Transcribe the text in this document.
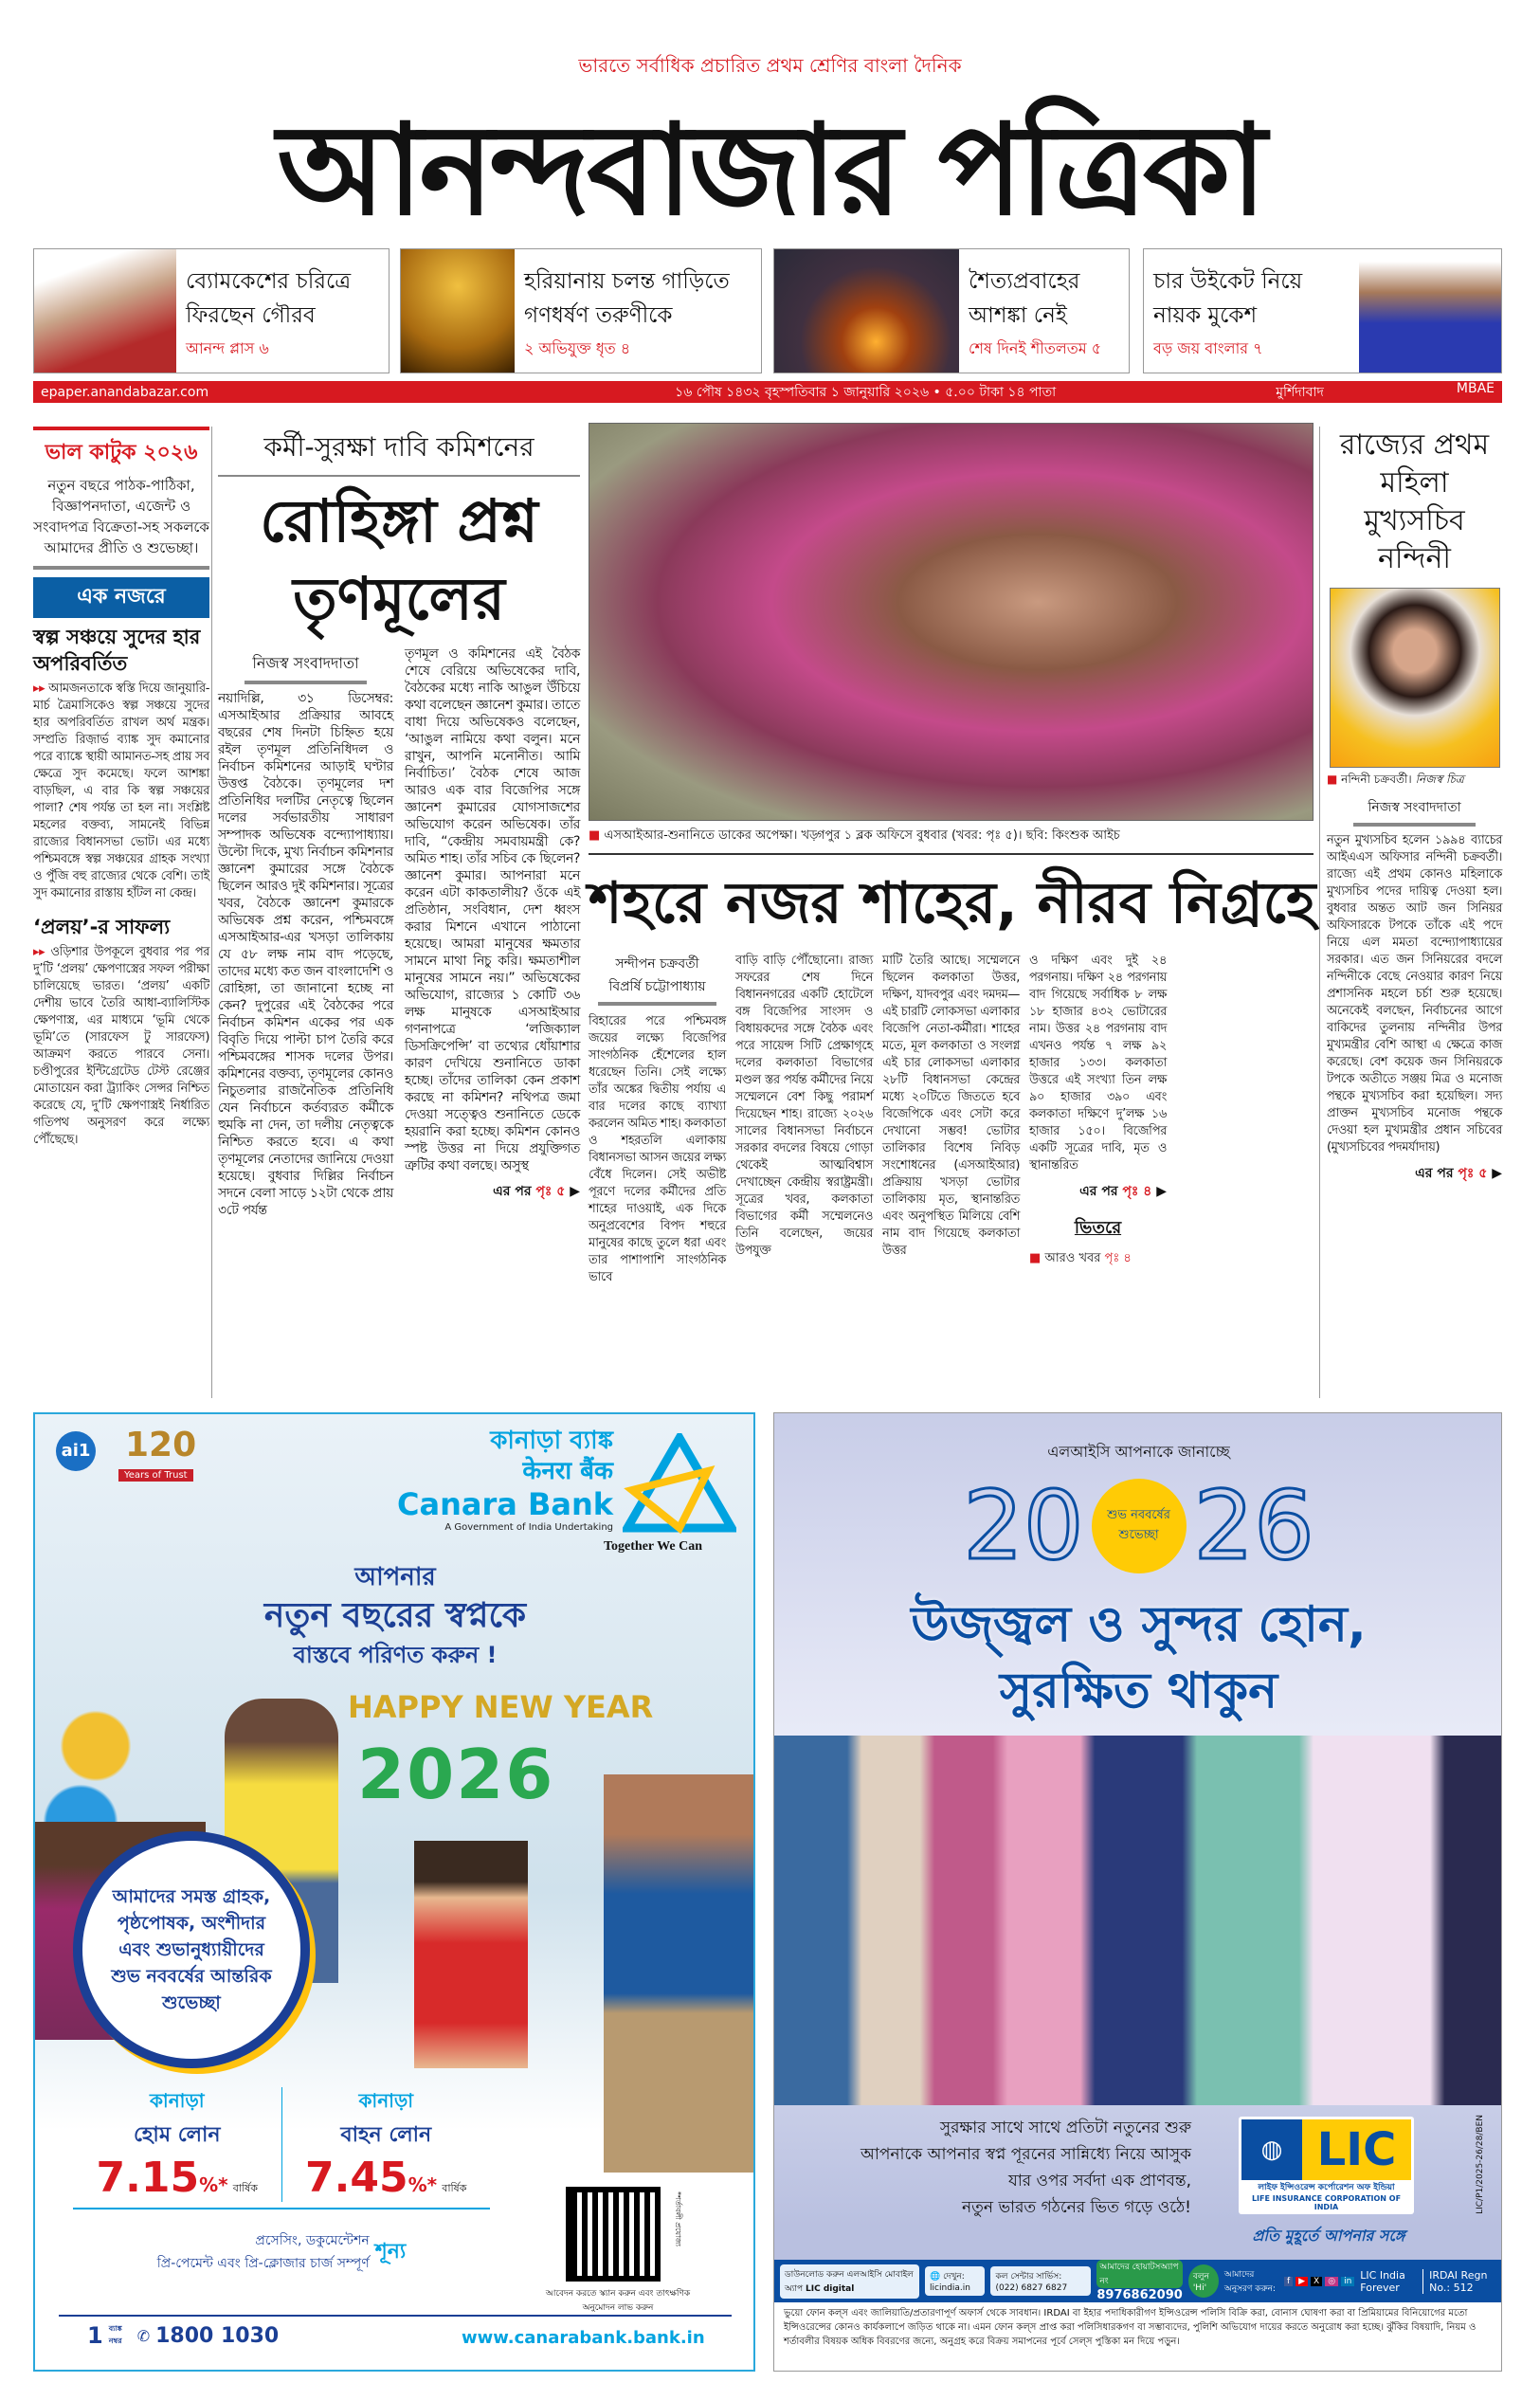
ভারতে সর্বাধিক প্রচারিত প্রথম শ্রেণির বাংলা দৈনিক
আনন্দবাজার পত্রিকা
ব্যোমকেশের চরিত্রে ফিরছেন গৌরব
আনন্দ প্লাস ৬
হরিয়ানায় চলন্ত গাড়িতে গণধর্ষণ তরুণীকে
২ অভিযুক্ত ধৃত ৪
শৈত্যপ্রবাহের আশঙ্কা নেই
শেষ দিনই শীতলতম ৫
চার উইকেট নিয়ে নায়ক মুকেশ
বড় জয় বাংলার ৭
epaper.anandabazar.com	১৬ পৌষ ১৪৩২ বৃহস্পতিবার ১ জানুয়ারি ২০২৬ • ৫.০০ টাকা ১৪ পাতা	মুর্শিদাবাদ	MBAE
ভাল কাটুক ২০২৬
নতুন বছরে পাঠক-পাঠিকা, বিজ্ঞাপনদাতা, এজেন্ট ও সংবাদপত্র বিক্রেতা-সহ সকলকে আমাদের প্রীতি ও শুভেচ্ছা।
এক নজরে
স্বল্প সঞ্চয়ে সুদের হার অপরিবর্তিত
▸▸ আমজনতাকে স্বস্তি দিয়ে জানুয়ারি-মার্চ ত্রৈমাসিকেও স্বল্প সঞ্চয়ে সুদের হার অপরিবর্তিত রাখল অর্থ মন্ত্রক। সম্প্রতি রিজ়ার্ভ ব্যাঙ্ক সুদ কমানোর পরে ব্যাঙ্কে স্থায়ী আমানত-সহ প্রায় সব ক্ষেত্রে সুদ কমেছে। ফলে আশঙ্কা বাড়ছিল, এ বার কি স্বল্প সঞ্চয়ের পালা? শেষ পর্যন্ত তা হল না। সংশ্লিষ্ট মহলের বক্তব্য, সামনেই বিভিন্ন রাজ্যের বিধানসভা ভোট। এর মধ্যে পশ্চিমবঙ্গে স্বল্প সঞ্চয়ের গ্রাহক সংখ্যা ও পুঁজি বহু রাজ্যের থেকে বেশি। তাই সুদ কমানোর রাস্তায় হাঁটল না কেন্দ্র।
‘প্রলয়’-র সাফল্য
▸▸ ওড়িশার উপকূলে বুধবার পর পর দু’টি ‘প্রলয়’ ক্ষেপণাস্ত্রের সফল পরীক্ষা চালিয়েছে ভারত। ‘প্রলয়’ একটি দেশীয় ভাবে তৈরি আধা-ব্যালিস্টিক ক্ষেপণাস্ত্র, এর মাধ্যমে ‘ভূমি থেকে ভূমি’তে (সারফেস টু সারফেস) আক্রমণ করতে পারবে সেনা। চণ্ডীপুরের ইন্টিগ্রেটেড টেস্ট রেঞ্জের মোতায়েন করা ট্র্যাকিং সেন্সর নিশ্চিত করেছে যে, দু’টি ক্ষেপণাস্ত্রই নির্ধারিত গতিপথ অনুসরণ করে লক্ষ্যে পৌঁছেছে।
কর্মী-সুরক্ষা দাবি কমিশনের
রোহিঙ্গা প্রশ্ন তৃণমূলের
নিজস্ব সংবাদদাতা
নয়াদিল্লি, ৩১ ডিসেম্বর: এসআইআর প্রক্রিয়ার আবহে বছরের শেষ দিনটা চিহ্নিত হয়ে রইল তৃণমূল প্রতিনিধিদল ও নির্বাচন কমিশনের আড়াই ঘণ্টার উত্তপ্ত বৈঠকে। তৃণমূলের দশ প্রতিনিধির দলটির নেতৃত্বে ছিলেন দলের সর্বভারতীয় সাধারণ সম্পাদক অভিষেক বন্দ্যোপাধ্যায়। উল্টো দিকে, মুখ্য নির্বাচন কমিশনার জ্ঞানেশ কুমারের সঙ্গে বৈঠকে ছিলেন আরও দুই কমিশনার। সূত্রের খবর, বৈঠকে জ্ঞানেশ কুমারকে অভিষেক প্রশ্ন করেন, পশ্চিমবঙ্গে এসআইআর-এর খসড়া তালিকায় যে ৫৮ লক্ষ নাম বাদ পড়েছে, তাদের মধ্যে কত জন বাংলাদেশি ও রোহিঙ্গা, তা জানানো হচ্ছে না কেন? দুপুরের এই বৈঠকের পরে নির্বাচন কমিশন একের পর এক বিবৃতি দিয়ে পাল্টা চাপ তৈরি করে পশ্চিমবঙ্গের শাসক দলের উপর। কমিশনের বক্তব্য, তৃণমূলের কোনও নিচুতলার রাজনৈতিক প্রতিনিধি যেন নির্বাচনে কর্তব্যরত কর্মীকে হুমকি না দেন, তা দলীয় নেতৃত্বকে নিশ্চিত করতে হবে। এ কথা তৃণমূলের নেতাদের জানিয়ে দেওয়া হয়েছে। বুধবার দিল্লির নির্বাচন সদনে বেলা সাড়ে ১২টা থেকে প্রায় ৩টে পর্যন্ত
তৃণমূল ও কমিশনের এই বৈঠক শেষে বেরিয়ে অভিষেকের দাবি, বৈঠকের মধ্যে নাকি আঙুল উঁচিয়ে কথা বলেছেন জ্ঞানেশ কুমার। তাতে বাধা দিয়ে অভিষেকও বলেছেন, ‘আঙুল নামিয়ে কথা বলুন। মনে রাখুন, আপনি মনোনীত। আমি নির্বাচিত।’ বৈঠক শেষে আজ আরও এক বার বিজেপির সঙ্গে জ্ঞানেশ কুমারের যোগসাজশের অভিযোগ করেন অভিষেক। তাঁর দাবি, “কেন্দ্রীয় সমবায়মন্ত্রী কে? অমিত শাহ। তাঁর সচিব কে ছিলেন? জ্ঞানেশ কুমার। আপনারা মনে করেন এটা কাকতালীয়? ওঁকে এই প্রতিষ্ঠান, সংবিধান, দেশ ধ্বংস করার মিশনে এখানে পাঠানো হয়েছে। আমরা মানুষের ক্ষমতার সামনে মাথা নিচু করি। ক্ষমতাশীল মানুষের সামনে নয়।” অভিষেকের অভিযোগ, রাজ্যের ১ কোটি ৩৬ লক্ষ মানুষকে এসআইআর গণনাপত্রে ‘লজিক্যাল ডিসক্রিপেন্সি’ বা তথ্যের ধোঁয়াশার কারণ দেখিয়ে শুনানিতে ডাকা হচ্ছে। তাঁদের তালিকা কেন প্রকাশ করছে না কমিশন? নথিপত্র জমা দেওয়া সত্ত্বেও শুনানিতে ডেকে হয়রানি করা হচ্ছে। কমিশন কোনও স্পষ্ট উত্তর না দিয়ে প্রযুক্তিগত ত্রুটির কথা বলছে। অসুস্থ
এর পর পৃঃ ৫ ▶
■ এসআইআর-শুনানিতে ডাকের অপেক্ষা। খড়্গপুর ১ ব্লক অফিসে বুধবার (খবর: পৃঃ ৫)। ছবি: কিংশুক আইচ
শহরে নজর শাহের, নীরব নিগ্রহে
সন্দীপন চক্রবর্তী
বিপ্রর্ষি চট্টোপাধ্যায়
বিহারের পরে পশ্চিমবঙ্গ জয়ের লক্ষ্যে বিজেপির সাংগঠনিক হেঁশেলের হাল ধরেছেন তিনি। সেই লক্ষ্যে তাঁর অঙ্কের দ্বিতীয় পর্যায় এ বার দলের কাছে ব্যাখ্যা করলেন অমিত শাহ। কলকাতা ও শহরতলি এলাকায় বিধানসভা আসন জয়ের লক্ষ্য বেঁধে দিলেন। সেই অভীষ্ট পূরণে দলের কর্মীদের প্রতি শাহের দাওয়াই, এক দিকে অনুপ্রবেশের বিপদ শহুরে মানুষের কাছে তুলে ধরা এবং তার পাশাপাশি সাংগঠনিক ভাবে
বাড়ি বাড়ি পৌঁছোনো। রাজ্য সফরের শেষ দিনে বিধাননগরের একটি হোটেলে বঙ্গ বিজেপির সাংসদ ও বিধায়কদের সঙ্গে বৈঠক এবং পরে সায়েন্স সিটি প্রেক্ষাগৃহে দলের কলকাতা বিভাগের মণ্ডল স্তর পর্যন্ত কর্মীদের নিয়ে সম্মেলনে বেশ কিছু পরামর্শ দিয়েছেন শাহ। রাজ্যে ২০২৬ সালের বিধানসভা নির্বাচনে সরকার বদলের বিষয়ে গোড়া থেকেই আত্মবিশ্বাস দেখাচ্ছেন কেন্দ্রীয় স্বরাষ্ট্রমন্ত্রী। সূত্রের খবর, কলকাতা বিভাগের কর্মী সম্মেলনেও তিনি বলেছেন, জয়ের উপযুক্ত
মাটি তৈরি আছে। সম্মেলনে ছিলেন কলকাতা উত্তর, দক্ষিণ, যাদবপুর এবং দমদম— এই চারটি লোকসভা এলাকার বিজেপি নেতা-কর্মীরা। শাহের মতে, মূল কলকাতা ও সংলগ্ন এই চার লোকসভা এলাকার ২৮টি বিধানসভা কেন্দ্রের মধ্যে ২০টিতে জিততে হবে বিজেপিকে এবং সেটা করে দেখানো সম্ভব! ভোটার তালিকার বিশেষ নিবিড় সংশোধনের (এসআইআর) প্রক্রিয়ায় খসড়া ভোটার তালিকায় মৃত, স্থানান্তরিত এবং অনুপস্থিত মিলিয়ে বেশি নাম বাদ গিয়েছে কলকাতা উত্তর
ও দক্ষিণ এবং দুই ২৪ পরগনায়। দক্ষিণ ২৪ পরগনায় বাদ গিয়েছে সর্বাধিক ৮ লক্ষ ১৮ হাজার ৪৩২ ভোটারের নাম। উত্তর ২৪ পরগনায় বাদ এখনও পর্যন্ত ৭ লক্ষ ৯২ হাজার ১৩৩। কলকাতা উত্তরে এই সংখ্যা তিন লক্ষ ৯০ হাজার ৩৯০ এবং কলকাতা দক্ষিণে দু’লক্ষ ১৬ হাজার ১৫০। বিজেপির একটি সূত্রের দাবি, মৃত ও স্থানান্তরিত
এর পর পৃঃ ৪ ▶
ভিতরে
■ আরও খবর পৃঃ ৪
রাজ্যের প্রথম মহিলা মুখ্যসচিব নন্দিনী
■ নন্দিনী চক্রবর্তী। নিজস্ব চিত্র
নিজস্ব সংবাদদাতা
নতুন মুখ্যসচিব হলেন ১৯৯৪ ব্যাচের আইএএস অফিসার নন্দিনী চক্রবর্তী। রাজ্যে এই প্রথম কোনও মহিলাকে মুখ্যসচিব পদের দায়িত্ব দেওয়া হল। বুধবার অন্তত আট জন সিনিয়র অফিসারকে টপকে তাঁকে এই পদে নিয়ে এল মমতা বন্দ্যোপাধ্যায়ের সরকার। এত জন সিনিয়রের বদলে নন্দিনীকে বেছে নেওয়ার কারণ নিয়ে প্রশাসনিক মহলে চর্চা শুরু হয়েছে। অনেকেই বলছেন, নির্বাচনের আগে বাকিদের তুলনায় নন্দিনীর উপর মুখ্যমন্ত্রীর বেশি আস্থা এ ক্ষেত্রে কাজ করেছে। বেশ কয়েক জন সিনিয়রকে টপকে অতীতে সঞ্জয় মিত্র ও মনোজ পন্থকে মুখ্যসচিব করা হয়েছিল। সদ্য প্রাক্তন মুখ্যসচিব মনোজ পন্থকে দেওয়া হল মুখ্যমন্ত্রীর প্রধান সচিবের (মুখ্যসচিবের পদমর্যাদায়)
এর পর পৃঃ ৫ ▶
ai1 120
Years of Trust
কানাড়া ব্যাঙ্ক
केनरा बैंक
Canara Bank
A Government of India Undertaking
Together We Can
আপনার
নতুন বছরের স্বপ্নকে
বাস্তবে পরিণত করুন !
HAPPY NEW YEAR
2026
আমাদের সমস্ত গ্রাহক, পৃষ্ঠপোষক, অংশীদার এবং শুভানুধ্যায়ীদের শুভ নববর্ষের আন্তরিক শুভেচ্ছা
কানাড়া
হোম লোন
7.15%* বার্ষিক
কানাড়া
বাহন লোন
7.45%* বার্ষিক
প্রসেসিং, ডকুমেন্টেশন
প্রি-পেমেন্ট এবং প্রি-ক্লোজার চার্জ সম্পূর্ণ
শূন্য
*শর্তাবলী প্রযোজ্য
আবেদন করতে স্ক্যান করুন এবং তাৎক্ষণিক অনুমোদন লাভ করুন
1 ব্যাঙ্ক নম্বর	✆ 1800 1030	www.canarabank.bank.in
এলআইসি আপনাকে জানাচ্ছে
20	শুভ নববর্ষের শুভেচ্ছা 26
উজ্জ্বল ও সুন্দর হোন,
সুরক্ষিত থাকুন
সুরক্ষার সাথে সাথে প্রতিটা নতুনের শুরু
আপনাকে আপনার স্বপ্ন পূরনের সান্নিধ্যে নিয়ে আসুক
যার ওপর সর্বদা এক প্রাণবন্ত,
নতুন ভারত গঠনের ভিত গড়ে ওঠে!
◍ LIC
লাইফ ইন্সিওরেন্স কর্পোরেশন অফ ইন্ডিয়া
LIFE INSURANCE CORPORATION OF INDIA
প্রতি মুহূর্তে আপনার সঙ্গে
LIC/P1/2025-26/28/BEN
ডাউনলোড করুন এলআইসি মোবাইল অ্যাপ LIC digital
🌐 দেখুন: licindia.in
কল সেন্টার সার্ভিস: (022) 6827 6827
আমাদের হোয়াটসঅ্যাপ নং
8976862090
বলুন 'Hi'
আমাদের অনুসরণ করুন:
f	▶	X	◎	in LIC India Forever
IRDAI Regn No.: 512
ভুয়ো ফোন কল্স এবং জালিয়াতি/প্রতারণাপূর্ণ অফার্স থেকে সাবধান। IRDAI বা ইহার পদাধিকারীগণ ইন্সিওরেন্স পলিসি বিক্রি করা, বোনাস ঘোষণা করা বা প্রিমিয়ামের বিনিয়োগের মতো ইন্সিওরেন্সের কোনও কার্যকলাপে জড়িত থাকে না। এমন ফোন কল্স প্রাপ্ত করা পলিসিধারকগণ বা সম্ভাব্যদের, পুলিশি অভিযোগ দায়ের করতে অনুরোধ করা হচ্ছে। ঝুঁকির বিষয়াদি, নিয়ম ও শর্তাবলীর বিষয়ক অধিক বিবরণের জন্যে, অনুগ্রহ করে বিক্রয় সমাপনের পূর্বে সেল্স পুস্তিকা মন দিয়ে পড়ুন।
